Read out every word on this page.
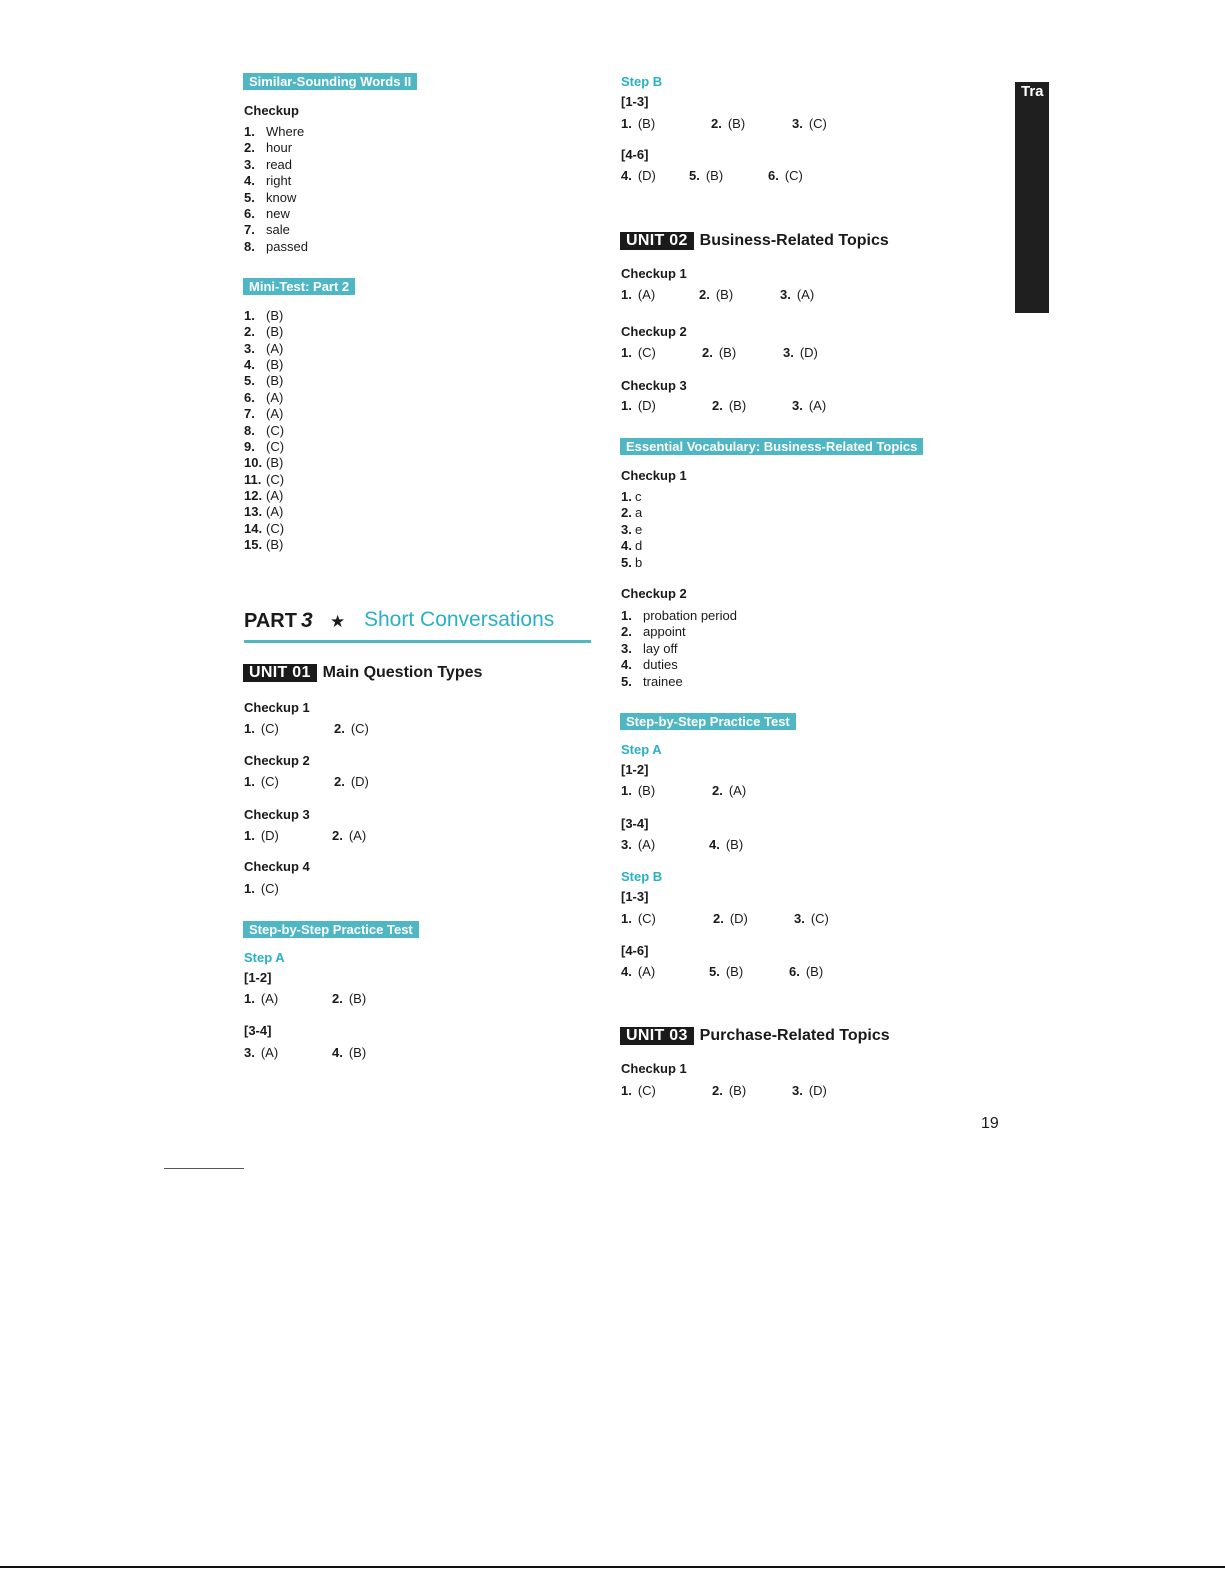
Similar-Sounding Words II
Checkup
1. Where
2. hour
3. read
4. right
5. know
6. new
7. sale
8. passed
Mini-Test: Part 2
1. (B)
2. (B)
3. (A)
4. (B)
5. (B)
6. (A)
7. (A)
8. (C)
9. (C)
10. (B)
11. (C)
12. (A)
13. (A)
14. (C)
15. (B)
PART 3 ★ Short Conversations
UNIT 01 Main Question Types
Checkup 1
1. (C)	2. (C)
Checkup 2
1. (C)	2. (D)
Checkup 3
1. (D)	2. (A)
Checkup 4
1. (C)
Step-by-Step Practice Test
Step A
[1-2]
1. (A)	2. (B)
[3-4]
3. (A)	4. (B)
Step B
[1-3]
1. (B)	2. (B)	3. (C)
[4-6]
4. (D)	5. (B)	6. (C)
UNIT 02 Business-Related Topics
Checkup 1
1. (A)	2. (B)	3. (A)
Checkup 2
1. (C)	2. (B)	3. (D)
Checkup 3
1. (D)	2. (B)	3. (A)
Essential Vocabulary: Business-Related Topics
Checkup 1
1. c
2. a
3. e
4. d
5. b
Checkup 2
1. probation period
2. appoint
3. lay off
4. duties
5. trainee
Step-by-Step Practice Test
Step A
[1-2]
1. (B)	2. (A)
[3-4]
3. (A)	4. (B)
Step B
[1-3]
1. (C)	2. (D)	3. (C)
[4-6]
4. (A)	5. (B)	6. (B)
UNIT 03 Purchase-Related Topics
Checkup 1
1. (C)	2. (B)	3. (D)
Tra
19
